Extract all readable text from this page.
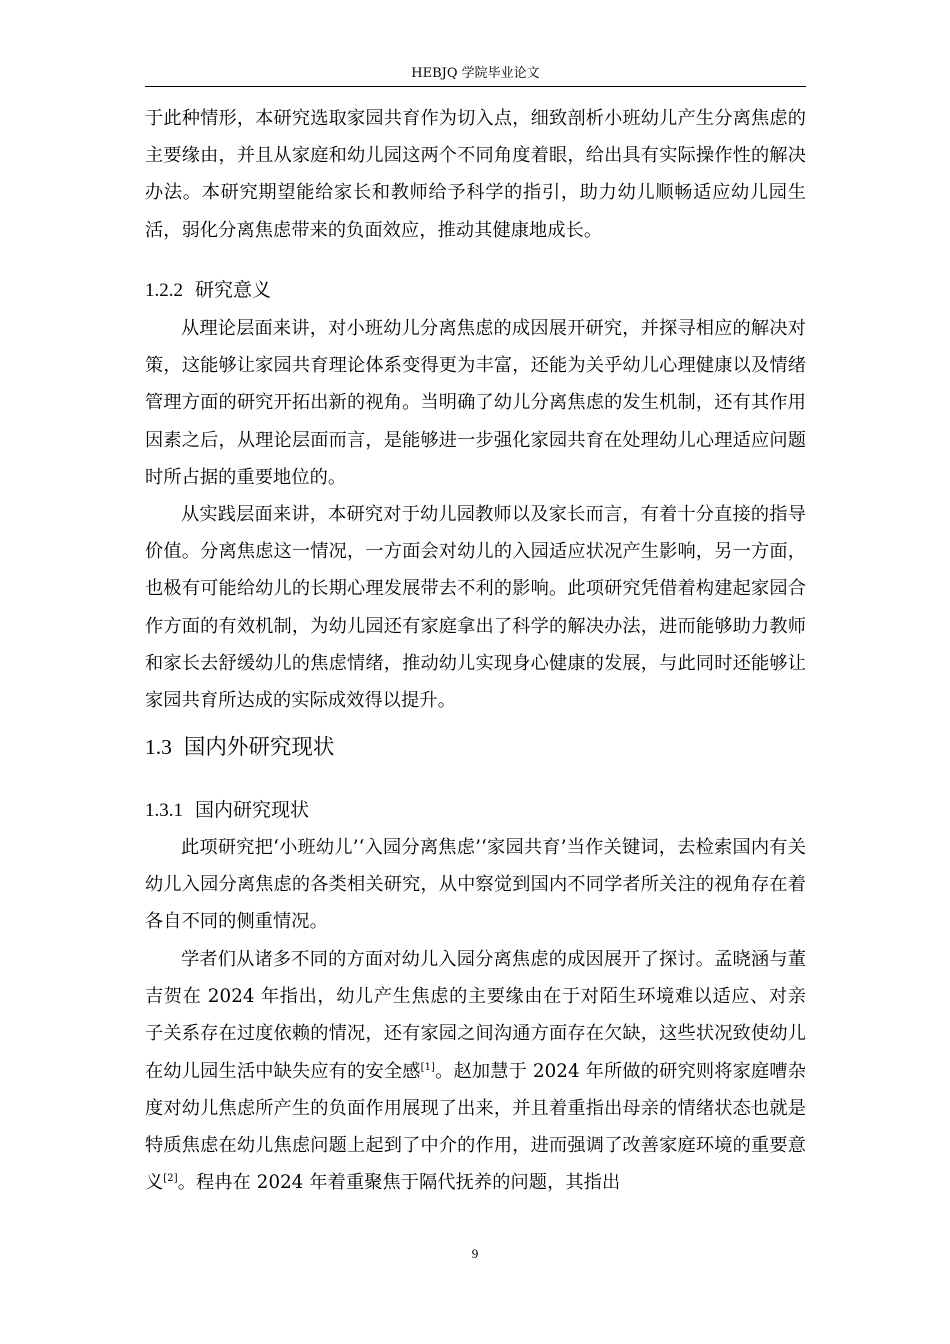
HEBJQ 学院毕业论文

于此种情形，本研究选取家园共育作为切入点，细致剖析小班幼儿产生分离焦虑的主要缘由，并且从家庭和幼儿园这两个不同角度着眼，给出具有实际操作性的解决办法。本研究期望能给家长和教师给予科学的指引，助力幼儿顺畅适应幼儿园生活，弱化分离焦虑带来的负面效应，推动其健康地成长。

1.2.2 研究意义

从理论层面来讲，对小班幼儿分离焦虑的成因展开研究，并探寻相应的解决对策，这能够让家园共育理论体系变得更为丰富，还能为关乎幼儿心理健康以及情绪管理方面的研究开拓出新的视角。当明确了幼儿分离焦虑的发生机制，还有其作用因素之后，从理论层面而言，是能够进一步强化家园共育在处理幼儿心理适应问题时所占据的重要地位的。

从实践层面来讲，本研究对于幼儿园教师以及家长而言，有着十分直接的指导价值。分离焦虑这一情况，一方面会对幼儿的入园适应状况产生影响，另一方面，也极有可能给幼儿的长期心理发展带去不利的影响。此项研究凭借着构建起家园合作方面的有效机制，为幼儿园还有家庭拿出了科学的解决办法，进而能够助力教师和家长去舒缓幼儿的焦虑情绪，推动幼儿实现身心健康的发展，与此同时还能够让家园共育所达成的实际成效得以提升。

1.3 国内外研究现状
1.3.1 国内研究现状

此项研究把‘小班幼儿’‘入园分离焦虑’‘家园共育’当作关键词，去检索国内有关幼儿入园分离焦虑的各类相关研究，从中察觉到国内不同学者所关注的视角存在着各自不同的侧重情况。

学者们从诸多不同的方面对幼儿入园分离焦虑的成因展开了探讨。孟晓涵与董吉贺在 2024 年指出，幼儿产生焦虑的主要缘由在于对陌生环境难以适应、对亲子关系存在过度依赖的情况，还有家园之间沟通方面存在欠缺，这些状况致使幼儿在幼儿园生活中缺失应有的安全感[1]。赵加慧于 2024 年所做的研究则将家庭嘈杂度对幼儿焦虑所产生的负面作用展现了出来，并且着重指出母亲的情绪状态也就是特质焦虑在幼儿焦虑问题上起到了中介的作用，进而强调了改善家庭环境的重要意义[2]。程冉在 2024 年着重聚焦于隔代抚养的问题，其指出

9
